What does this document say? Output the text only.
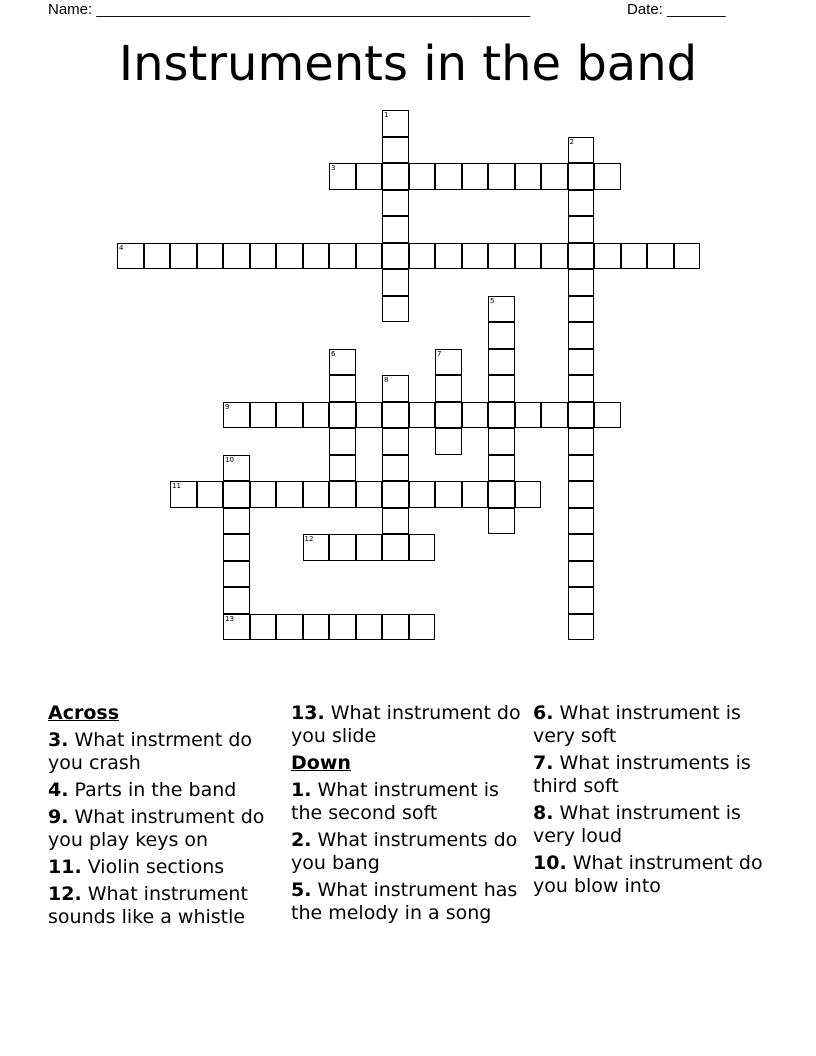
Name: ____________________________________________________	Date: _______
Instruments in the band
1
2
3
4
5
6	7
8
9
10
13
11
12
Across
3. What instrment do you crash
4. Parts in the band
9. What instrument do you play keys on
11. Violin sections
12. What instrument sounds like a whistle
13. What instrument do you slide
Down
1. What instrument is the second soft
2. What instruments do you bang
5. What instrument has the melody in a song
6. What instrument is very soft
7. What instruments is third soft
8. What instrument is very loud
10. What instrument do you blow into
